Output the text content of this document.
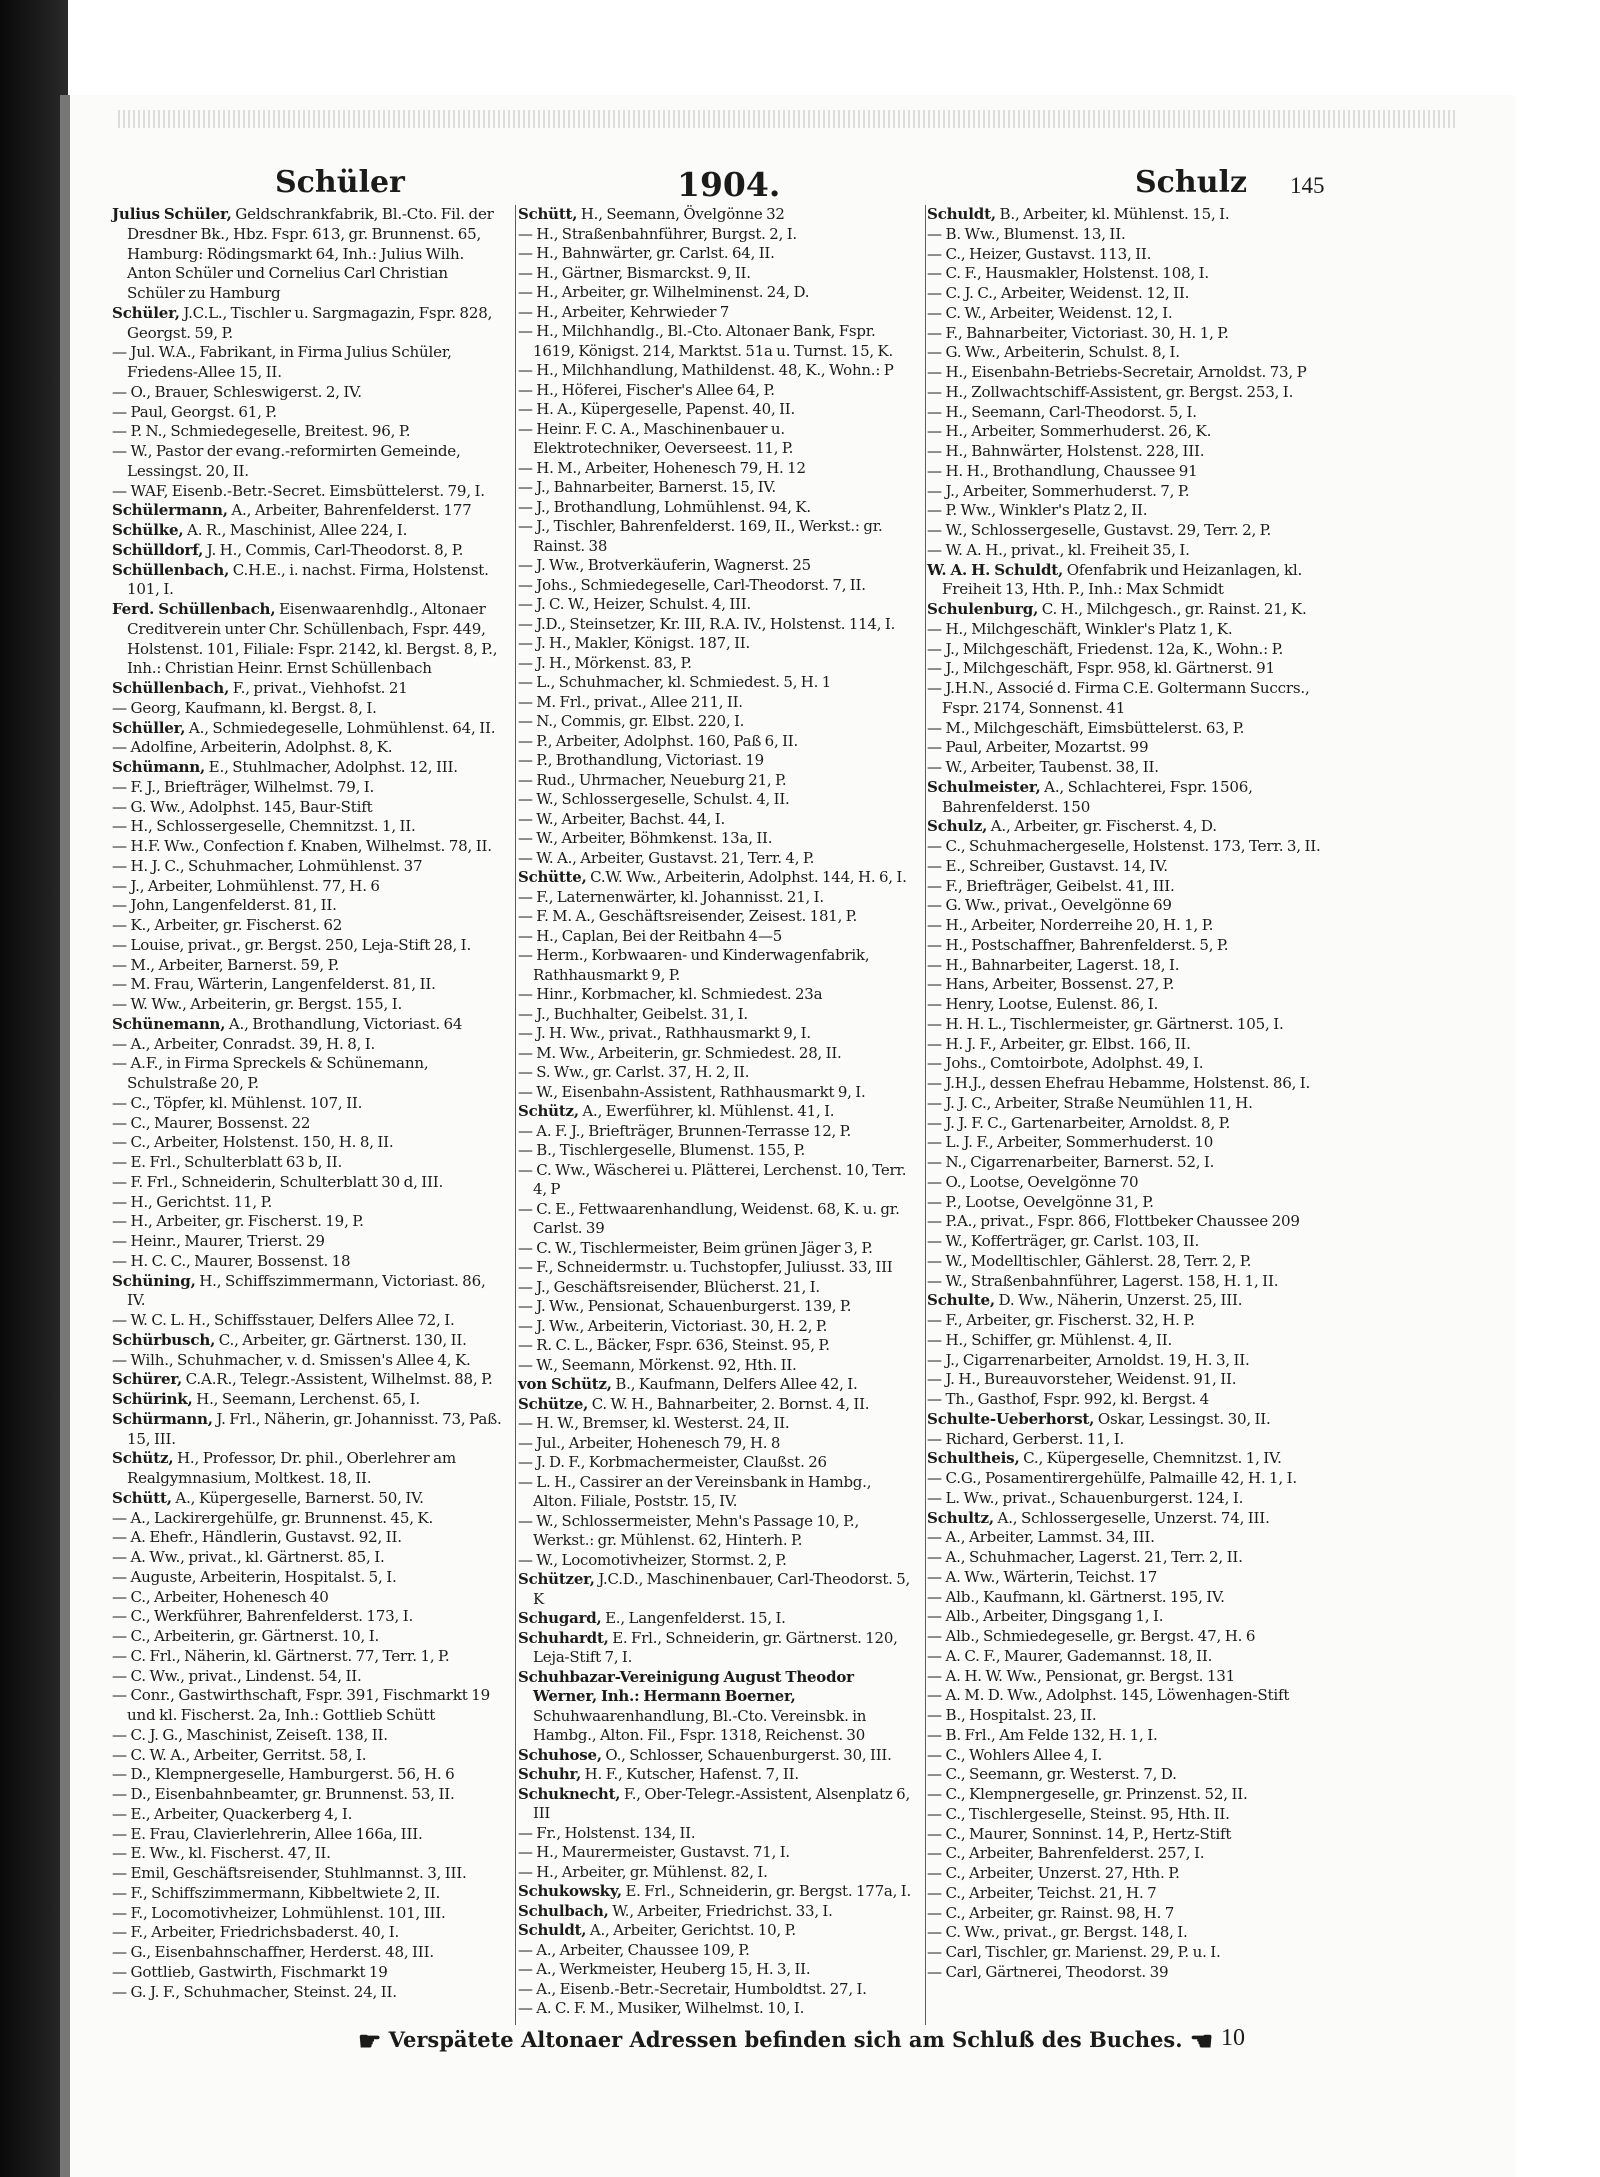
Schüler	1904.	Schulz 145

Julius Schüler, Geldschrankfabrik, Bl.-Cto. Fil. der Dresdner Bk., Hbz. Fspr. 613, gr. Brunnenst. 65, Hamburg: Rödingsmarkt 64, Inh.: Julius Wilh. Anton Schüler und Cornelius Carl Christian Schüler zu Hamburg

Schüler, J.C.L., Tischler u. Sargmagazin, Fspr. 828, Georgst. 59, P.

— Jul. W.A., Fabrikant, in Firma Julius Schüler, Friedens-Allee 15, II.

— O., Brauer, Schleswigerst. 2, IV.

— Paul, Georgst. 61, P.

— P. N., Schmiedegeselle, Breitest. 96, P.

— W., Pastor der evang.-reformirten Gemeinde, Lessingst. 20, II.

— WAF, Eisenb.-Betr.-Secret. Eimsbüttelerst. 79, I.

Schülermann, A., Arbeiter, Bahrenfelderst. 177

Schülke, A. R., Maschinist, Allee 224, I.

Schülldorf, J. H., Commis, Carl-Theodorst. 8, P.

Schüllenbach, C.H.E., i. nachst. Firma, Holstenst. 101, I.

Ferd. Schüllenbach, Eisenwaarenhdlg., Altonaer Creditverein unter Chr. Schüllenbach, Fspr. 449, Holstenst. 101, Filiale: Fspr. 2142, kl. Bergst. 8, P., Inh.: Christian Heinr. Ernst Schüllenbach

Schüllenbach, F., privat., Viehhofst. 21

— Georg, Kaufmann, kl. Bergst. 8, I.

Schüller, A., Schmiedegeselle, Lohmühlenst. 64, II.

— Adolfine, Arbeiterin, Adolphst. 8, K.

Schümann, E., Stuhlmacher, Adolphst. 12, III.

— F. J., Briefträger, Wilhelmst. 79, I.

— G. Ww., Adolphst. 145, Baur-Stift

— H., Schlossergeselle, Chemnitzst. 1, II.

— H.F. Ww., Confection f. Knaben, Wilhelmst. 78, II.

— H. J. C., Schuhmacher, Lohmühlenst. 37

— J., Arbeiter, Lohmühlenst. 77, H. 6

— John, Langenfelderst. 81, II.

— K., Arbeiter, gr. Fischerst. 62

— Louise, privat., gr. Bergst. 250, Leja-Stift 28, I.

— M., Arbeiter, Barnerst. 59, P.

— M. Frau, Wärterin, Langenfelderst. 81, II.

— W. Ww., Arbeiterin, gr. Bergst. 155, I.

Schünemann, A., Brothandlung, Victoriast. 64

— A., Arbeiter, Conradst. 39, H. 8, I.

— A.F., in Firma Spreckels & Schünemann, Schulstraße 20, P.

— C., Töpfer, kl. Mühlenst. 107, II.

— C., Maurer, Bossenst. 22

— C., Arbeiter, Holstenst. 150, H. 8, II.

— E. Frl., Schulterblatt 63 b, II.

— F. Frl., Schneiderin, Schulterblatt 30 d, III.

— H., Gerichtst. 11, P.

— H., Arbeiter, gr. Fischerst. 19, P.

— Heinr., Maurer, Trierst. 29

— H. C. C., Maurer, Bossenst. 18

Schüning, H., Schiffszimmermann, Victoriast. 86, IV.

— W. C. L. H., Schiffsstauer, Delfers Allee 72, I.

Schürbusch, C., Arbeiter, gr. Gärtnerst. 130, II.

— Wilh., Schuhmacher, v. d. Smissen's Allee 4, K.

Schürer, C.A.R., Telegr.-Assistent, Wilhelmst. 88, P.

Schürink, H., Seemann, Lerchenst. 65, I.

Schürmann, J. Frl., Näherin, gr. Johannisst. 73, Paß. 15, III.

Schütz, H., Professor, Dr. phil., Oberlehrer am Realgymnasium, Moltkest. 18, II.

Schütt, A., Küpergeselle, Barnerst. 50, IV.

— A., Lackirergehülfe, gr. Brunnenst. 45, K.

— A. Ehefr., Händlerin, Gustavst. 92, II.

— A. Ww., privat., kl. Gärtnerst. 85, I.

— Auguste, Arbeiterin, Hospitalst. 5, I.

— C., Arbeiter, Hohenesch 40

— C., Werkführer, Bahrenfelderst. 173, I.

— C., Arbeiterin, gr. Gärtnerst. 10, I.

— C. Frl., Näherin, kl. Gärtnerst. 77, Terr. 1, P.

— C. Ww., privat., Lindenst. 54, II.

— Conr., Gastwirthschaft, Fspr. 391, Fischmarkt 19 und kl. Fischerst. 2a, Inh.: Gottlieb Schütt

— C. J. G., Maschinist, Zeiseſt. 138, II.

— C. W. A., Arbeiter, Gerritst. 58, I.

— D., Klempnergeselle, Hamburgerst. 56, H. 6

— D., Eisenbahnbeamter, gr. Brunnenst. 53, II.

— E., Arbeiter, Quackerberg 4, I.

— E. Frau, Clavierlehrerin, Allee 166a, III.

— E. Ww., kl. Fischerst. 47, II.

— Emil, Geschäftsreisender, Stuhlmannst. 3, III.

— F., Schiffszimmermann, Kibbeltwiete 2, II.

— F., Locomotivheizer, Lohmühlenst. 101, III.

— F., Arbeiter, Friedrichsbaderst. 40, I.

— G., Eisenbahnschaffner, Herderst. 48, III.

— Gottlieb, Gastwirth, Fischmarkt 19

— G. J. F., Schuhmacher, Steinst. 24, II.

Schütt, H., Seemann, Övelgönne 32

— H., Straßenbahnführer, Burgst. 2, I.

— H., Bahnwärter, gr. Carlst. 64, II.

— H., Gärtner, Bismarckst. 9, II.

— H., Arbeiter, gr. Wilhelminenst. 24, D.

— H., Arbeiter, Kehrwieder 7

— H., Milchhandlg., Bl.-Cto. Altonaer Bank, Fspr. 1619, Königst. 214, Marktst. 51a u. Turnst. 15, K.

— H., Milchhandlung, Mathildenst. 48, K., Wohn.: P

— H., Höferei, Fischer's Allee 64, P.

— H. A., Küpergeselle, Papenst. 40, II.

— Heinr. F. C. A., Maschinenbauer u. Elektrotechniker, Oeverseest. 11, P.

— H. M., Arbeiter, Hohenesch 79, H. 12

— J., Bahnarbeiter, Barnerst. 15, IV.

— J., Brothandlung, Lohmühlenst. 94, K.

— J., Tischler, Bahrenfelderst. 169, II., Werkst.: gr. Rainst. 38

— J. Ww., Brotverkäuferin, Wagnerst. 25

— Johs., Schmiedegeselle, Carl-Theodorst. 7, II.

— J. C. W., Heizer, Schulst. 4, III.

— J.D., Steinsetzer, Kr. III, R.A. IV., Holstenst. 114, I.

— J. H., Makler, Königst. 187, II.

— J. H., Mörkenst. 83, P.

— L., Schuhmacher, kl. Schmiedest. 5, H. 1

— M. Frl., privat., Allee 211, II.

— N., Commis, gr. Elbst. 220, I.

— P., Arbeiter, Adolphst. 160, Paß 6, II.

— P., Brothandlung, Victoriast. 19

— Rud., Uhrmacher, Neueburg 21, P.

— W., Schlossergeselle, Schulst. 4, II.

— W., Arbeiter, Bachst. 44, I.

— W., Arbeiter, Böhmkenst. 13a, II.

— W. A., Arbeiter, Gustavst. 21, Terr. 4, P.

Schütte, C.W. Ww., Arbeiterin, Adolphst. 144, H. 6, I.

— F., Laternenwärter, kl. Johannisst. 21, I.

— F. M. A., Geschäftsreisender, Zeisest. 181, P.

— H., Caplan, Bei der Reitbahn 4—5

— Herm., Korbwaaren- und Kinderwagenfabrik, Rathhausmarkt 9, P.

— Hinr., Korbmacher, kl. Schmiedest. 23a

— J., Buchhalter, Geibelst. 31, I.

— J. H. Ww., privat., Rathhausmarkt 9, I.

— M. Ww., Arbeiterin, gr. Schmiedest. 28, II.

— S. Ww., gr. Carlst. 37, H. 2, II.

— W., Eisenbahn-Assistent, Rathhausmarkt 9, I.

Schütz, A., Ewerführer, kl. Mühlenst. 41, I.

— A. F. J., Briefträger, Brunnen-Terrasse 12, P.

— B., Tischlergeselle, Blumenst. 155, P.

— C. Ww., Wäscherei u. Plätterei, Lerchenst. 10, Terr. 4, P

— C. E., Fettwaarenhandlung, Weidenst. 68, K. u. gr. Carlst. 39

— C. W., Tischlermeister, Beim grünen Jäger 3, P.

— F., Schneidermstr. u. Tuchstopfer, Juliusst. 33, III

— J., Geschäftsreisender, Blücherst. 21, I.

— J. Ww., Pensionat, Schauenburgerst. 139, P.

— J. Ww., Arbeiterin, Victoriast. 30, H. 2, P.

— R. C. L., Bäcker, Fspr. 636, Steinst. 95, P.

— W., Seemann, Mörkenst. 92, Hth. II.

von Schütz, B., Kaufmann, Delfers Allee 42, I.

Schütze, C. W. H., Bahnarbeiter, 2. Bornst. 4, II.

— H. W., Bremser, kl. Westerst. 24, II.

— Jul., Arbeiter, Hohenesch 79, H. 8

— J. D. F., Korbmachermeister, Claußst. 26

— L. H., Cassirer an der Vereinsbank in Hambg., Alton. Filiale, Poststr. 15, IV.

— W., Schlossermeister, Mehn's Passage 10, P., Werkst.: gr. Mühlenst. 62, Hinterh. P.

— W., Locomotivheizer, Stormst. 2, P.

Schützer, J.C.D., Maschinenbauer, Carl-Theodorst. 5, K

Schugard, E., Langenfelderst. 15, I.

Schuhardt, E. Frl., Schneiderin, gr. Gärtnerst. 120, Leja-Stift 7, I.

Schuhbazar-Vereinigung August Theodor Werner, Inh.: Hermann Boerner, Schuhwaarenhandlung, Bl.-Cto. Vereinsbk. in Hambg., Alton. Fil., Fspr. 1318, Reichenst. 30

Schuhose, O., Schlosser, Schauenburgerst. 30, III.

Schuhr, H. F., Kutscher, Hafenst. 7, II.

Schuknecht, F., Ober-Telegr.-Assistent, Alsenplatz 6, III

— Fr., Holstenst. 134, II.

— H., Maurermeister, Gustavst. 71, I.

— H., Arbeiter, gr. Mühlenst. 82, I.

Schukowsky, E. Frl., Schneiderin, gr. Bergst. 177a, I.

Schulbach, W., Arbeiter, Friedrichst. 33, I.

Schuldt, A., Arbeiter, Gerichtst. 10, P.

— A., Arbeiter, Chaussee 109, P.

— A., Werkmeister, Heuberg 15, H. 3, II.

— A., Eisenb.-Betr.-Secretair, Humboldtst. 27, I.

— A. C. F. M., Musiker, Wilhelmst. 10, I.

Schuldt, B., Arbeiter, kl. Mühlenst. 15, I.

— B. Ww., Blumenst. 13, II.

— C., Heizer, Gustavst. 113, II.

— C. F., Hausmakler, Holstenst. 108, I.

— C. J. C., Arbeiter, Weidenst. 12, II.

— C. W., Arbeiter, Weidenst. 12, I.

— F., Bahnarbeiter, Victoriast. 30, H. 1, P.

— G. Ww., Arbeiterin, Schulst. 8, I.

— H., Eisenbahn-Betriebs-Secretair, Arnoldst. 73, P

— H., Zollwachtschiff-Assistent, gr. Bergst. 253, I.

— H., Seemann, Carl-Theodorst. 5, I.

— H., Arbeiter, Sommerhuderst. 26, K.

— H., Bahnwärter, Holstenst. 228, III.

— H. H., Brothandlung, Chaussee 91

— J., Arbeiter, Sommerhuderst. 7, P.

— P. Ww., Winkler's Platz 2, II.

— W., Schlossergeselle, Gustavst. 29, Terr. 2, P.

— W. A. H., privat., kl. Freiheit 35, I.

W. A. H. Schuldt, Ofenfabrik und Heizanlagen, kl. Freiheit 13, Hth. P., Inh.: Max Schmidt

Schulenburg, C. H., Milchgesch., gr. Rainst. 21, K.

— H., Milchgeschäft, Winkler's Platz 1, K.

— J., Milchgeschäft, Friedenst. 12a, K., Wohn.: P.

— J., Milchgeschäft, Fspr. 958, kl. Gärtnerst. 91

— J.H.N., Associé d. Firma C.E. Goltermann Succrs., Fspr. 2174, Sonnenst. 41

— M., Milchgeschäft, Eimsbüttelerst. 63, P.

— Paul, Arbeiter, Mozartst. 99

— W., Arbeiter, Taubenst. 38, II.

Schulmeister, A., Schlachterei, Fspr. 1506, Bahrenfelderst. 150

Schulz, A., Arbeiter, gr. Fischerst. 4, D.

— C., Schuhmachergeselle, Holstenst. 173, Terr. 3, II.

— E., Schreiber, Gustavst. 14, IV.

— F., Briefträger, Geibelst. 41, III.

— G. Ww., privat., Oevelgönne 69

— H., Arbeiter, Norderreihe 20, H. 1, P.

— H., Postschaffner, Bahrenfelderst. 5, P.

— H., Bahnarbeiter, Lagerst. 18, I.

— Hans, Arbeiter, Bossenst. 27, P.

— Henry, Lootse, Eulenst. 86, I.

— H. H. L., Tischlermeister, gr. Gärtnerst. 105, I.

— H. J. F., Arbeiter, gr. Elbst. 166, II.

— Johs., Comtoirbote, Adolphst. 49, I.

— J.H.J., dessen Ehefrau Hebamme, Holstenst. 86, I.

— J. J. C., Arbeiter, Straße Neumühlen 11, H.

— J. J. F. C., Gartenarbeiter, Arnoldst. 8, P.

— L. J. F., Arbeiter, Sommerhuderst. 10

— N., Cigarrenarbeiter, Barnerst. 52, I.

— O., Lootse, Oevelgönne 70

— P., Lootse, Oevelgönne 31, P.

— P.A., privat., Fspr. 866, Flottbeker Chaussee 209

— W., Kofferträger, gr. Carlst. 103, II.

— W., Modelltischler, Gählerst. 28, Terr. 2, P.

— W., Straßenbahnführer, Lagerst. 158, H. 1, II.

Schulte, D. Ww., Näherin, Unzerst. 25, III.

— F., Arbeiter, gr. Fischerst. 32, H. P.

— H., Schiffer, gr. Mühlenst. 4, II.

— J., Cigarrenarbeiter, Arnoldst. 19, H. 3, II.

— J. H., Bureauvorsteher, Weidenst. 91, II.

— Th., Gasthof, Fspr. 992, kl. Bergst. 4

Schulte-Ueberhorst, Oskar, Lessingst. 30, II.

— Richard, Gerberst. 11, I.

Schultheis, C., Küpergeselle, Chemnitzst. 1, IV.

— C.G., Posamentirergehülfe, Palmaille 42, H. 1, I.

— L. Ww., privat., Schauenburgerst. 124, I.

Schultz, A., Schlossergeselle, Unzerst. 74, III.

— A., Arbeiter, Lammst. 34, III.

— A., Schuhmacher, Lagerst. 21, Terr. 2, II.

— A. Ww., Wärterin, Teichst. 17

— Alb., Kaufmann, kl. Gärtnerst. 195, IV.

— Alb., Arbeiter, Dingsgang 1, I.

— Alb., Schmiedegeselle, gr. Bergst. 47, H. 6

— A. C. F., Maurer, Gademannst. 18, II.

— A. H. W. Ww., Pensionat, gr. Bergst. 131

— A. M. D. Ww., Adolphst. 145, Löwenhagen-Stift

— B., Hospitalst. 23, II.

— B. Frl., Am Felde 132, H. 1, I.

— C., Wohlers Allee 4, I.

— C., Seemann, gr. Westerst. 7, D.

— C., Klempnergeselle, gr. Prinzenst. 52, II.

— C., Tischlergeselle, Steinst. 95, Hth. II.

— C., Maurer, Sonninst. 14, P., Hertz-Stift

— C., Arbeiter, Bahrenfelderst. 257, I.

— C., Arbeiter, Unzerst. 27, Hth. P.

— C., Arbeiter, Teichst. 21, H. 7

— C., Arbeiter, gr. Rainst. 98, H. 7

— C. Ww., privat., gr. Bergst. 148, I.

— Carl, Tischler, gr. Marienst. 29, P. u. I.

— Carl, Gärtnerei, Theodorst. 39

☛ Verspätete Altonaer Adressen befinden sich am Schluß des Buches. ☚ 10
